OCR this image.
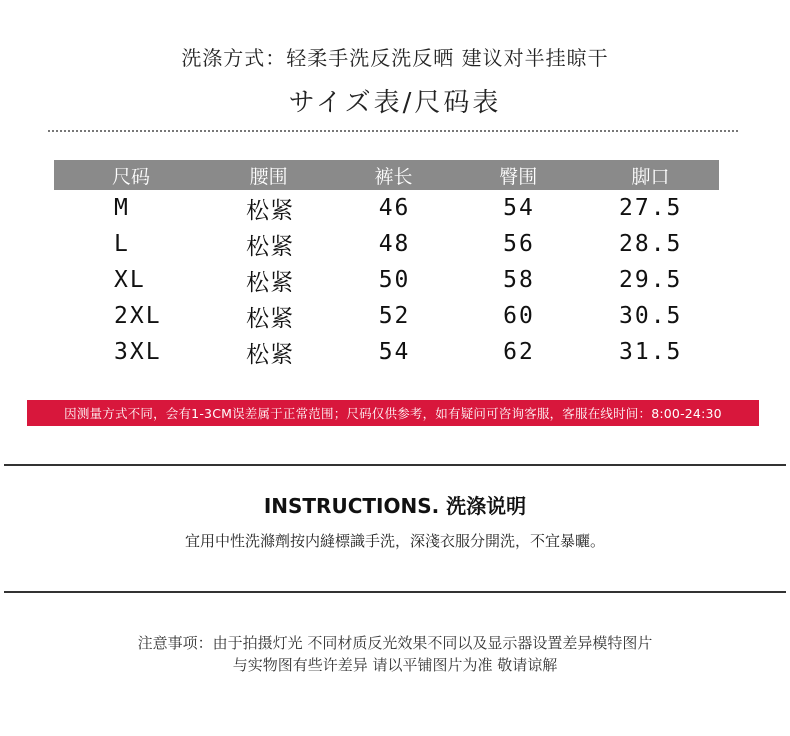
洗涤方式：轻柔手洗反洗反晒 建议对半挂晾干
サイズ表/尺码表
尺码	腰围	裤长	臀围	脚口
M	松紧	46	54	27.5
L	松紧	48	56	28.5
XL	松紧	50	58	29.5
2XL	松紧	52	60	30.5
3XL	松紧	54	62	31.5
因测量方式不同，会有1-3CM误差属于正常范围；尺码仅供参考，如有疑问可咨询客服，客服在线时间：8:00-24:30
INSTRUCTIONS. 洗涤说明
宜用中性洗滌劑按内縫標識手洗，深淺衣服分開洗，不宜暴曬。
注意事项：由于拍摄灯光 不同材质反光效果不同以及显示器设置差异模特图片
与实物图有些许差异 请以平铺图片为准 敬请谅解
